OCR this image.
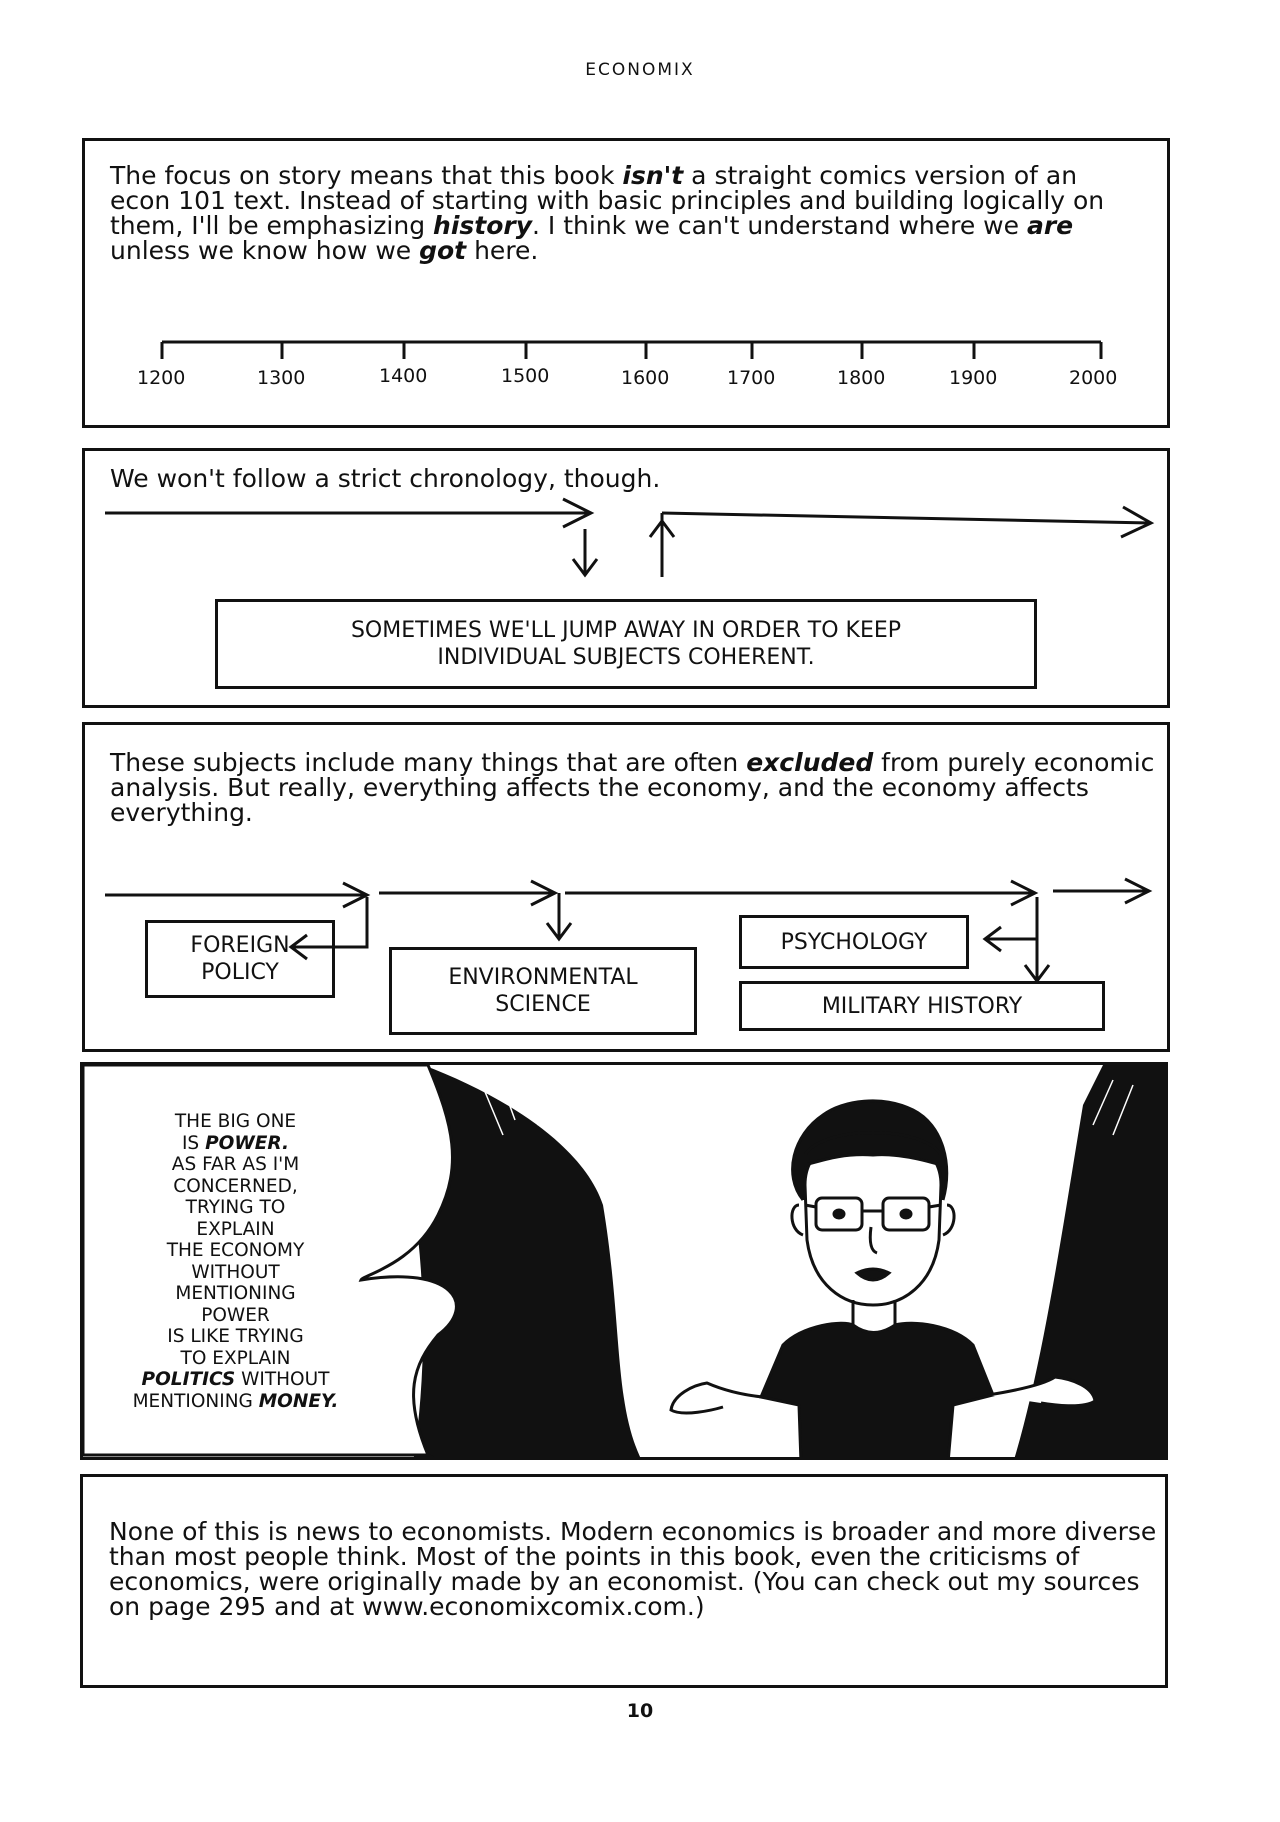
ECONOMIX
The focus on story means that this book isn't a straight comics version of an
econ 101 text. Instead of starting with basic principles and building logically on
them, I'll be emphasizing history. I think we can't understand where we are
unless we know how we got here.
1200	1300	1400	1500	1600	1700	1800	1900	2000
We won't follow a strict chronology, though.
SOMETIMES WE'LL JUMP AWAY IN ORDER TO KEEP
INDIVIDUAL SUBJECTS COHERENT.
These subjects include many things that are often excluded from purely economic
analysis. But really, everything affects the economy, and the economy affects
everything.
FOREIGN
POLICY	ENVIRONMENTAL
SCIENCE
PSYCHOLOGY
MILITARY HISTORY
THE BIG ONE
IS POWER.
AS FAR AS I'M
CONCERNED,
TRYING TO
EXPLAIN
THE ECONOMY
WITHOUT
MENTIONING
POWER
IS LIKE TRYING
TO EXPLAIN
POLITICS WITHOUT
MENTIONING MONEY.
None of this is news to economists. Modern economics is broader and more diverse
than most people think. Most of the points in this book, even the criticisms of
economics, were originally made by an economist. (You can check out my sources
on page 295 and at www.economixcomix.com.)
10
